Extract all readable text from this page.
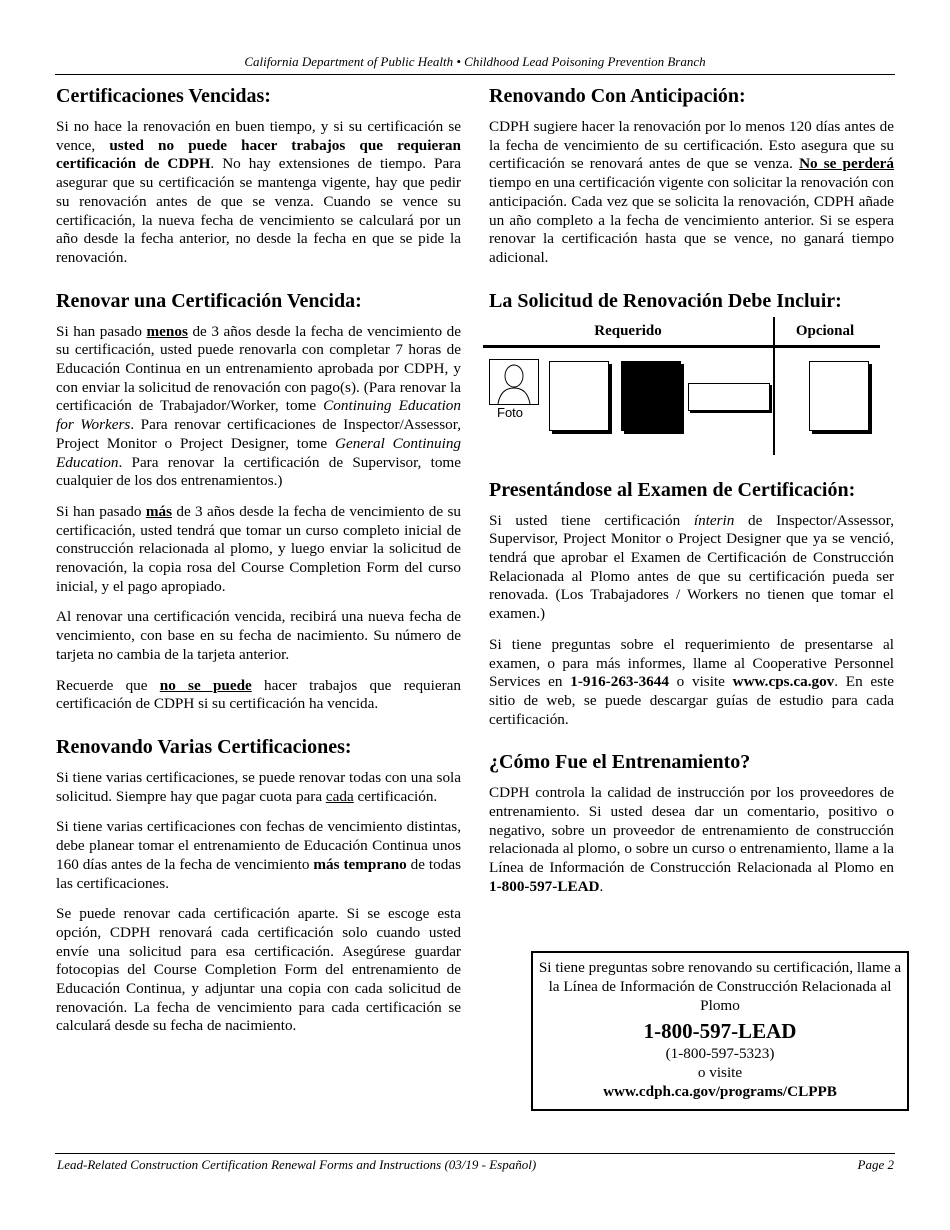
California Department of Public Health • Childhood Lead Poisoning Prevention Branch
Certificaciones Vencidas:

Si no hace la renovación en buen tiempo, y si su certificación se vence, usted no puede hacer trabajos que requieran certificación de CDPH. No hay extensiones de tiempo. Para asegurar que su certificación se mantenga vigente, hay que pedir su renovación antes de que se venza. Cuando se vence su certificación, la nueva fecha de vencimiento se calculará por un año desde la fecha anterior, no desde la fecha en que se pide la renovación.

Renovar una Certificación Vencida:

Si han pasado menos de 3 años desde la fecha de vencimiento de su certificación, usted puede renovarla con completar 7 horas de Educación Continua en un entrenamiento aprobada por CDPH, y con enviar la solicitud de renovación con pago(s). (Para renovar la certificación de Trabajador/Worker, tome Continuing Education for Workers. Para renovar certificaciones de Inspector/Assessor, Project Monitor o Project Designer, tome General Continuing Education. Para renovar la certificación de Supervisor, tome cualquier de los dos entrenamientos.)

Si han pasado más de 3 años desde la fecha de vencimiento de su certificación, usted tendrá que tomar un curso completo inicial de construcción relacionada al plomo, y luego enviar la solicitud de renovación, la copia rosa del Course Completion Form del curso inicial, y el pago apropiado.

Al renovar una certificación vencida, recibirá una nueva fecha de vencimiento, con base en su fecha de nacimiento. Su número de tarjeta no cambia de la tarjeta anterior.

Recuerde que no se puede hacer trabajos que requieran certificación de CDPH si su certificación ha vencida.

Renovando Varias Certificaciones:

Si tiene varias certificaciones, se puede renovar todas con una sola solicitud. Siempre hay que pagar cuota para cada certificación.

Si tiene varias certificaciones con fechas de vencimiento distintas, debe planear tomar el entrenamiento de Educación Continua unos 160 días antes de la fecha de vencimiento más temprano de todas las certificaciones.

Se puede renovar cada certificación aparte. Si se escoge esta opción, CDPH renovará cada certificación solo cuando usted envíe una solicitud para esa certificación. Asegúrese guardar fotocopias del Course Completion Form del entrenamiento de Educación Continua, y adjuntar una copia con cada solicitud de renovación. La fecha de vencimiento para cada certificación se calculará desde su fecha de nacimiento.

Renovando Con Anticipación:

CDPH sugiere hacer la renovación por lo menos 120 días antes de la fecha de vencimiento de su certificación. Esto asegura que su certificación se renovará antes de que se venza. No se perderá tiempo en una certificación vigente con solicitar la renovación con anticipación. Cada vez que se solicita la renovación, CDPH añade un año completo a la fecha de vencimiento anterior. Si se espera renovar la certificación hasta que se vence, no ganará tiempo adicional.

La Solicitud de Renovación Debe Incluir:
Requerido	Opcional
Foto
Presentándose al Examen de Certificación:

Si usted tiene certificación ínterin de Inspector/Assessor, Supervisor, Project Monitor o Project Designer que ya se venció, tendrá que aprobar el Examen de Certificación de Construcción Relacionada al Plomo antes de que su certificación pueda ser renovada. (Los Trabajadores / Workers no tienen que tomar el examen.)

Si tiene preguntas sobre el requerimiento de presentarse al examen, o para más informes, llame al Cooperative Personnel Services en 1-916-263-3644 o visite www.cps.ca.gov. En este sitio de web, se puede descargar guías de estudio para cada certificación.

¿Cómo Fue el Entrenamiento?

CDPH controla la calidad de instrucción por los proveedores de entrenamiento. Si usted desea dar un comentario, positivo o negativo, sobre un proveedor de entrenamiento de construcción relacionada al plomo, o sobre un curso o entrenamiento, llame a la Línea de Información de Construcción Relacionada al Plomo en 1-800-597-LEAD.

Si tiene preguntas sobre renovando su certificación, llame a la Línea de Información de Construcción Relacionada al Plomo
1-800-597-LEAD
(1-800-597-5323)
o visite
www.cdph.ca.gov/programs/CLPPB
Lead-Related Construction Certification Renewal Forms and Instructions (03/19 - Español)	Page 2
